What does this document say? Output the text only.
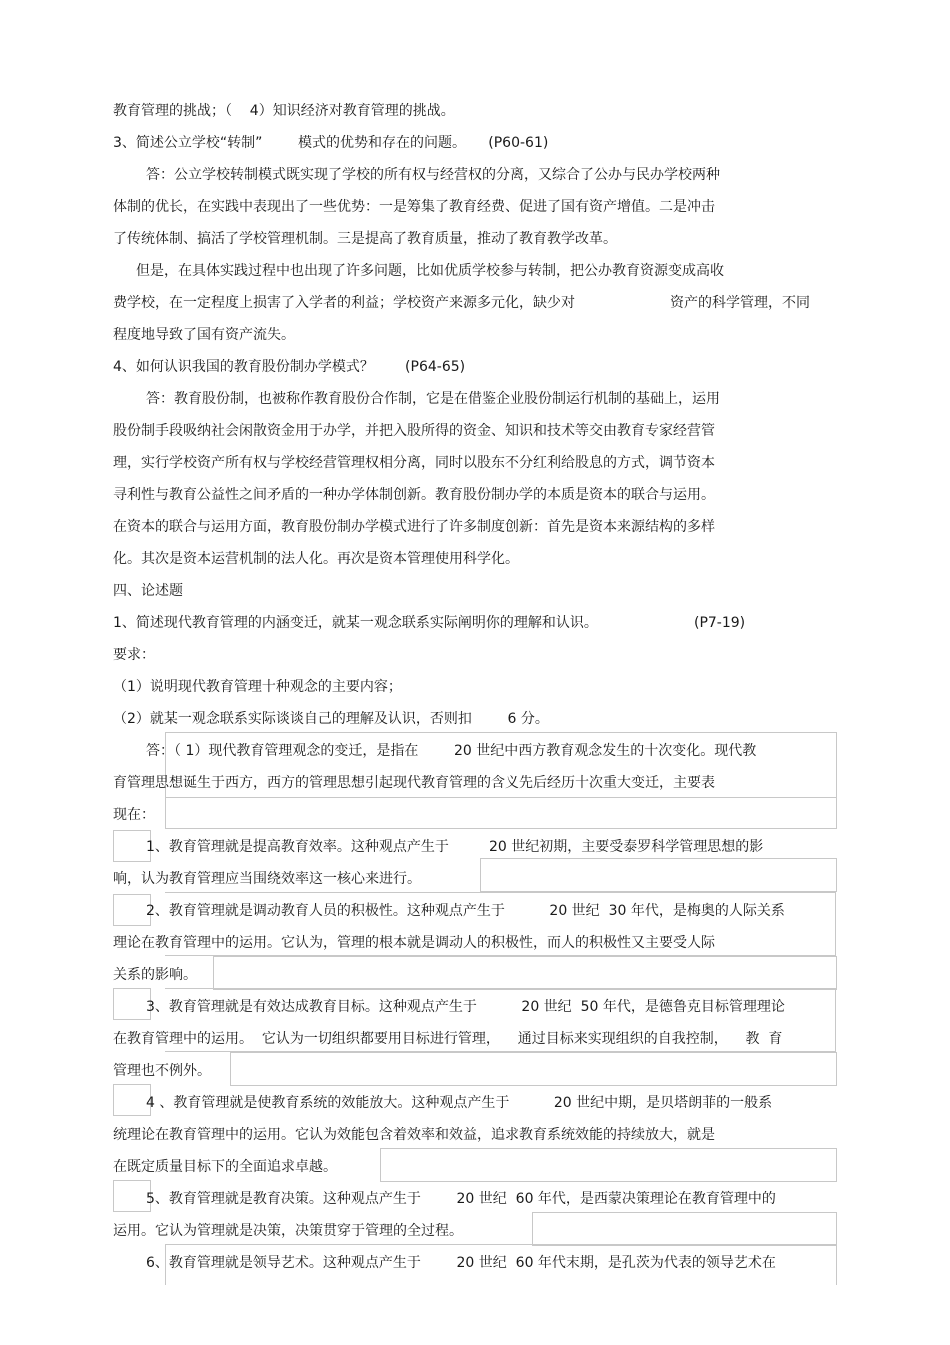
教育管理的挑战；（    4）知识经济对教育管理的挑战。
3、简述公立学校“转制”        模式的优势和存在的问题。     (P60-61)
答：公立学校转制模式既实现了学校的所有权与经营权的分离，又综合了公办与民办学校两种
体制的优长，在实践中表现出了一些优势：一是筹集了教育经费、促进了国有资产增值。二是冲击
了传统体制、搞活了学校管理机制。三是提高了教育质量，推动了教育教学改革。
但是，在具体实践过程中也出现了许多问题，比如优质学校参与转制，把公办教育资源变成高收
费学校，在一定程度上损害了入学者的利益；学校资产来源多元化，缺少对	资产的科学管理，不同
程度地导致了国有资产流失。
4、如何认识我国的教育股份制办学模式？       (P64-65)
答：教育股份制，也被称作教育股份合作制，它是在借鉴企业股份制运行机制的基础上，运用
股份制手段吸纳社会闲散资金用于办学，并把入股所得的资金、知识和技术等交由教育专家经营管
理，实行学校资产所有权与学校经营管理权相分离，同时以股东不分红利给股息的方式，调节资本
寻利性与教育公益性之间矛盾的一种办学体制创新。教育股份制办学的本质是资本的联合与运用。
在资本的联合与运用方面，教育股份制办学模式进行了许多制度创新：首先是资本来源结构的多样
化。其次是资本运营机制的法人化。再次是资本管理使用科学化。
四、论述题
1、简述现代教育管理的内涵变迁，就某一观念联系实际阐明你的理解和认识。	(P7-19)
要求：
（1）说明现代教育管理十种观念的主要内容；
（2）就某一观念联系实际谈谈自己的理解及认识，否则扣        6 分。
答：（ 1）现代教育管理观念的变迁，是指在        20 世纪中西方教育观念发生的十次变化。现代教
育管理思想诞生于西方，西方的管理思想引起现代教育管理的含义先后经历十次重大变迁，主要表
现在：
1、教育管理就是提高教育效率。这种观点产生于         20 世纪初期，主要受泰罗科学管理思想的影
响，认为教育管理应当围绕效率这一核心来进行。
2、教育管理就是调动教育人员的积极性。这种观点产生于          20 世纪  30 年代，是梅奥的人际关系
理论在教育管理中的运用。它认为，管理的根本就是调动人的积极性，而人的积极性又主要受人际
关系的影响。
3、教育管理就是有效达成教育目标。这种观点产生于          20 世纪  50 年代，是德鲁克目标管理理论
在教育管理中的运用。  它认为一切组织都要用目标进行管理，    通过目标来实现组织的自我控制，    教  育
管理也不例外。
4 、教育管理就是使教育系统的效能放大。这种观点产生于          20 世纪中期，是贝塔朗菲的一般系
统理论在教育管理中的运用。它认为效能包含着效率和效益，追求教育系统效能的持续放大，就是
在既定质量目标下的全面追求卓越。
5、教育管理就是教育决策。这种观点产生于        20 世纪  60 年代，是西蒙决策理论在教育管理中的
运用。它认为管理就是决策，决策贯穿于管理的全过程。
6、教育管理就是领导艺术。这种观点产生于        20 世纪  60 年代末期，是孔茨为代表的领导艺术在
